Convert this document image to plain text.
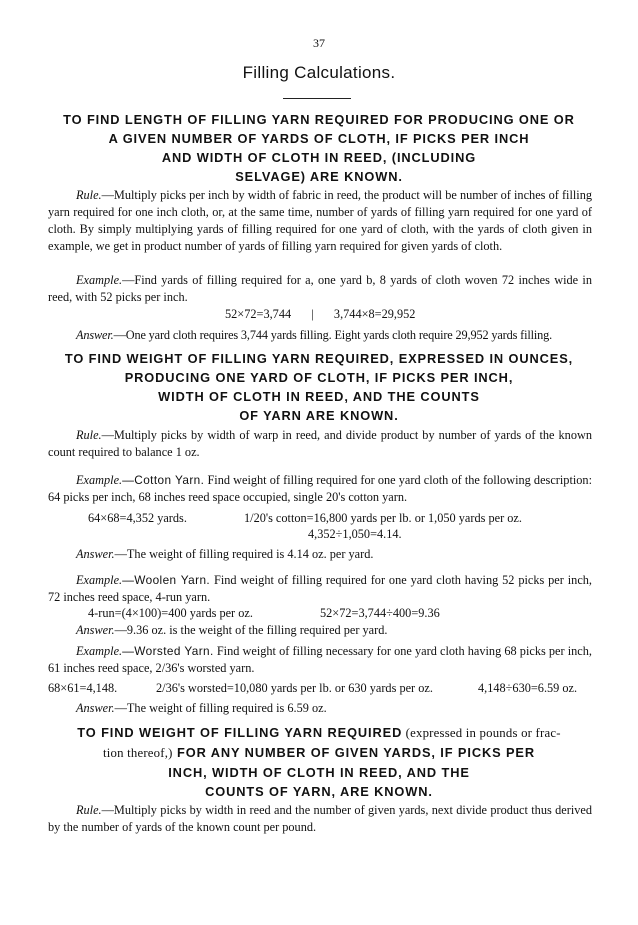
37
Filling Calculations.
TO FIND LENGTH OF FILLING YARN REQUIRED FOR PRODUCING ONE OR
A GIVEN NUMBER OF YARDS OF CLOTH, IF PICKS PER INCH
AND WIDTH OF CLOTH IN REED, (INCLUDING
SELVAGE) ARE KNOWN.
Rule.—Multiply picks per inch by width of fabric in reed, the product will be number of inches of filling yarn required for one inch cloth, or, at the same time, number of yards of filling yarn required for one yard of cloth. By simply multiplying yards of filling required for one yard of cloth, with the yards of cloth given in example, we get in product number of yards of filling yarn required for given yards of cloth.
Example.—Find yards of filling required for a, one yard b, 8 yards of cloth woven 72 inches wide in reed, with 52 picks per inch.
52×72=3,744 | 3,744×8=29,952
Answer.—One yard cloth requires 3,744 yards filling. Eight yards cloth require 29,952 yards filling.
TO FIND WEIGHT OF FILLING YARN REQUIRED, EXPRESSED IN OUNCES,
PRODUCING ONE YARD OF CLOTH, IF PICKS PER INCH,
WIDTH OF CLOTH IN REED, AND THE COUNTS
OF YARN ARE KNOWN.
Rule.—Multiply picks by width of warp in reed, and divide product by number of yards of the known count required to balance 1 oz.
Example.—Cotton Yarn. Find weight of filling required for one yard cloth of the following description: 64 picks per inch, 68 inches reed space occupied, single 20's cotton yarn.
64×68=4,352 yards.	1/20's cotton=16,800 yards per lb. or 1,050 yards per oz.
4,352÷1,050=4.14.
Answer.—The weight of filling required is 4.14 oz. per yard.
Example.—Woolen Yarn. Find weight of filling required for one yard cloth having 52 picks per inch, 72 inches reed space, 4-run yarn.
4-run=(4×100)=400 yards per oz.	52×72=3,744÷400=9.36
Answer.—9.36 oz. is the weight of the filling required per yard.
Example.—Worsted Yarn. Find weight of filling necessary for one yard cloth having 68 picks per inch, 61 inches reed space, 2/36's worsted yarn.
68×61=4,148.	2/36's worsted=10,080 yards per lb. or 630 yards per oz.	4,148÷630=6.59 oz.
Answer.—The weight of filling required is 6.59 oz.
TO FIND WEIGHT OF FILLING YARN REQUIRED (expressed in pounds or frac-
tion thereof,) FOR ANY NUMBER OF GIVEN YARDS, IF PICKS PER
INCH, WIDTH OF CLOTH IN REED, AND THE
COUNTS OF YARN, ARE KNOWN.
Rule.—Multiply picks by width in reed and the number of given yards, next divide product thus derived by the number of yards of the known count per pound.
